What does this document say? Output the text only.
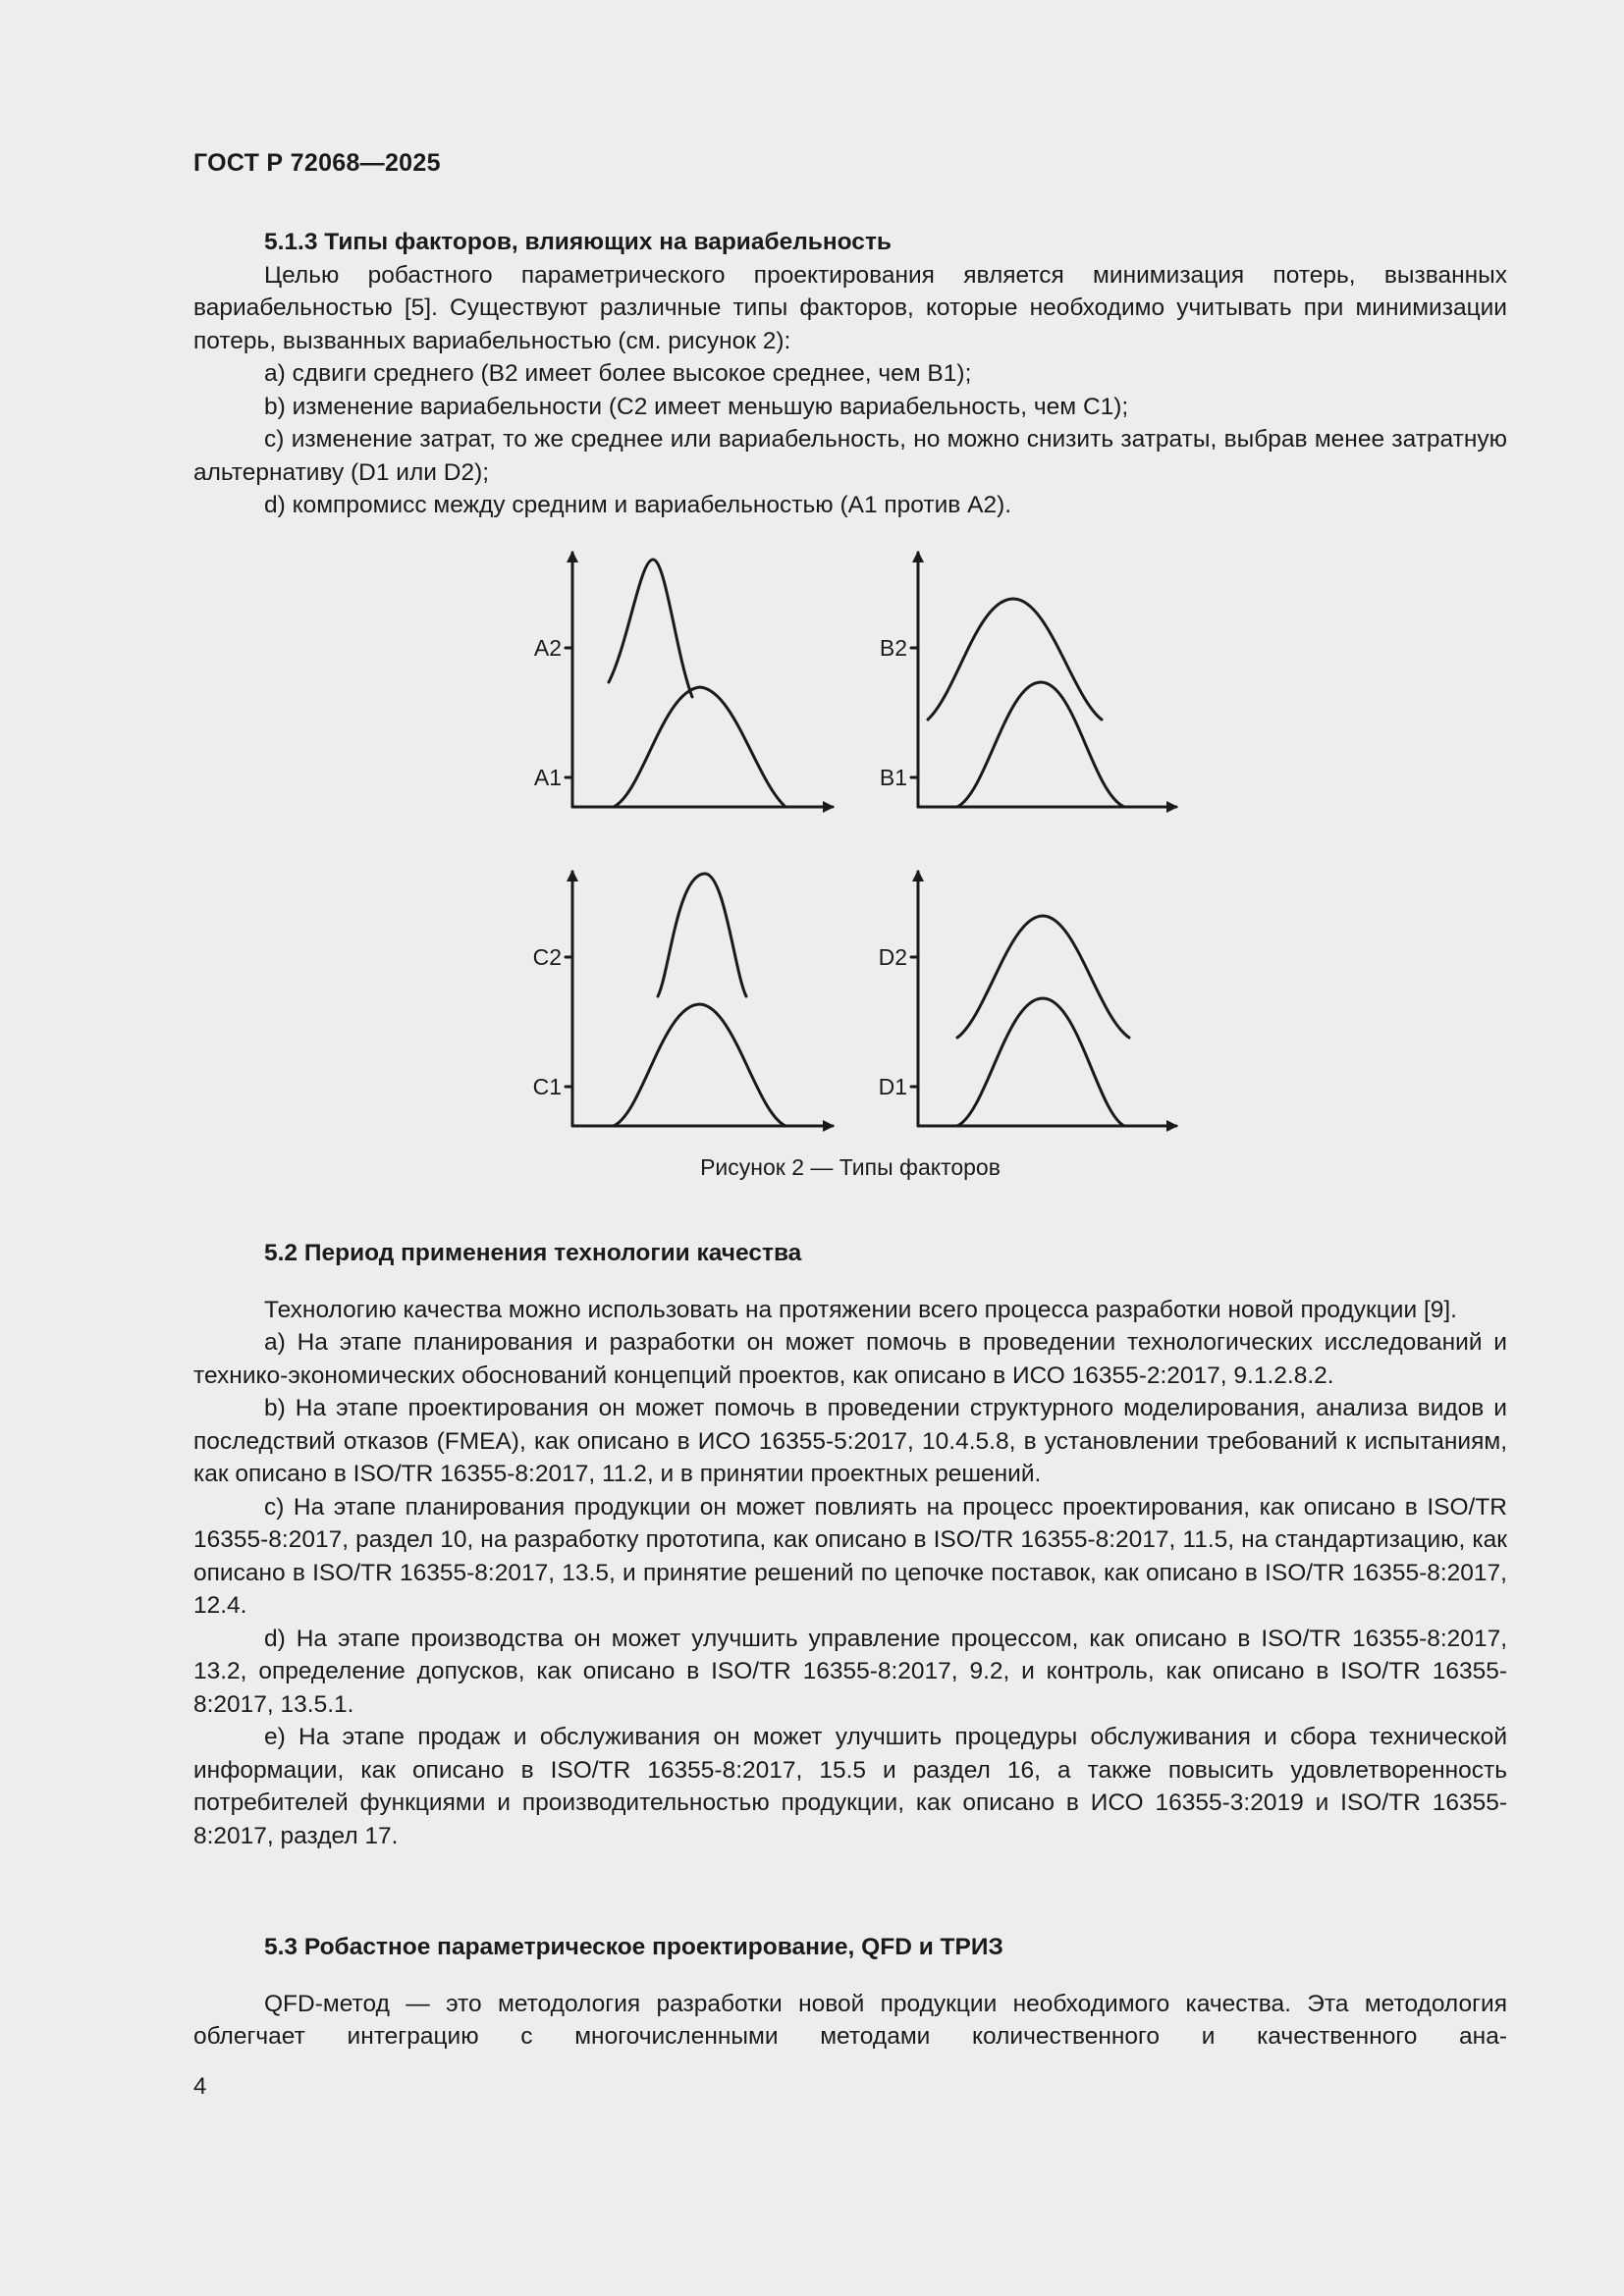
ГОСТ Р 72068—2025

5.1.3 Типы факторов, влияющих на вариабельность

Целью робастного параметрического проектирования является минимизация потерь, вызванных вариабельностью [5]. Существуют различные типы факторов, которые необходимо учитывать при минимизации потерь, вызванных вариабельностью (см. рисунок 2):

a) сдвиги среднего (В2 имеет более высокое среднее, чем В1);

b) изменение вариабельности (С2 имеет меньшую вариабельность, чем С1);

c) изменение затрат, то же среднее или вариабельность, но можно снизить затраты, выбрав менее затратную альтернативу (D1 или D2);

d) компромисс между средним и вариабельностью (А1 против А2).

A2
A1
B2
B1
C2
C1
D2
D1
Рисунок 2 — Типы факторов

5.2 Период применения технологии качества

Технологию качества можно использовать на протяжении всего процесса разработки новой продукции [9].

a) На этапе планирования и разработки он может помочь в проведении технологических исследований и технико-экономических обоснований концепций проектов, как описано в ИСО 16355-2:2017, 9.1.2.8.2.

b) На этапе проектирования он может помочь в проведении структурного моделирования, анализа видов и последствий отказов (FMEA), как описано в ИСО 16355-5:2017, 10.4.5.8, в установлении требований к испытаниям, как описано в ISO/TR 16355-8:2017, 11.2, и в принятии проектных решений.

c) На этапе планирования продукции он может повлиять на процесс проектирования, как описано в ISO/TR 16355-8:2017, раздел 10, на разработку прототипа, как описано в ISO/TR 16355-8:2017, 11.5, на стандартизацию, как описано в ISO/TR 16355-8:2017, 13.5, и принятие решений по цепочке поставок, как описано в ISO/TR 16355-8:2017, 12.4.

d) На этапе производства он может улучшить управление процессом, как описано в ISO/TR 16355-8:2017, 13.2, определение допусков, как описано в ISO/TR 16355-8:2017, 9.2, и контроль, как описано в ISO/TR 16355-8:2017, 13.5.1.

e) На этапе продаж и обслуживания он может улучшить процедуры обслуживания и сбора технической информации, как описано в ISO/TR 16355-8:2017, 15.5 и раздел 16, а также повысить удовлетворенность потребителей функциями и производительностью продукции, как описано в ИСО 16355-3:2019 и ISO/TR 16355-8:2017, раздел 17.

5.3 Робастное параметрическое проектирование, QFD и ТРИЗ

QFD-метод — это методология разработки новой продукции необходимого качества. Эта методология облегчает интеграцию с многочисленными методами количественного и качественного ана-

4
